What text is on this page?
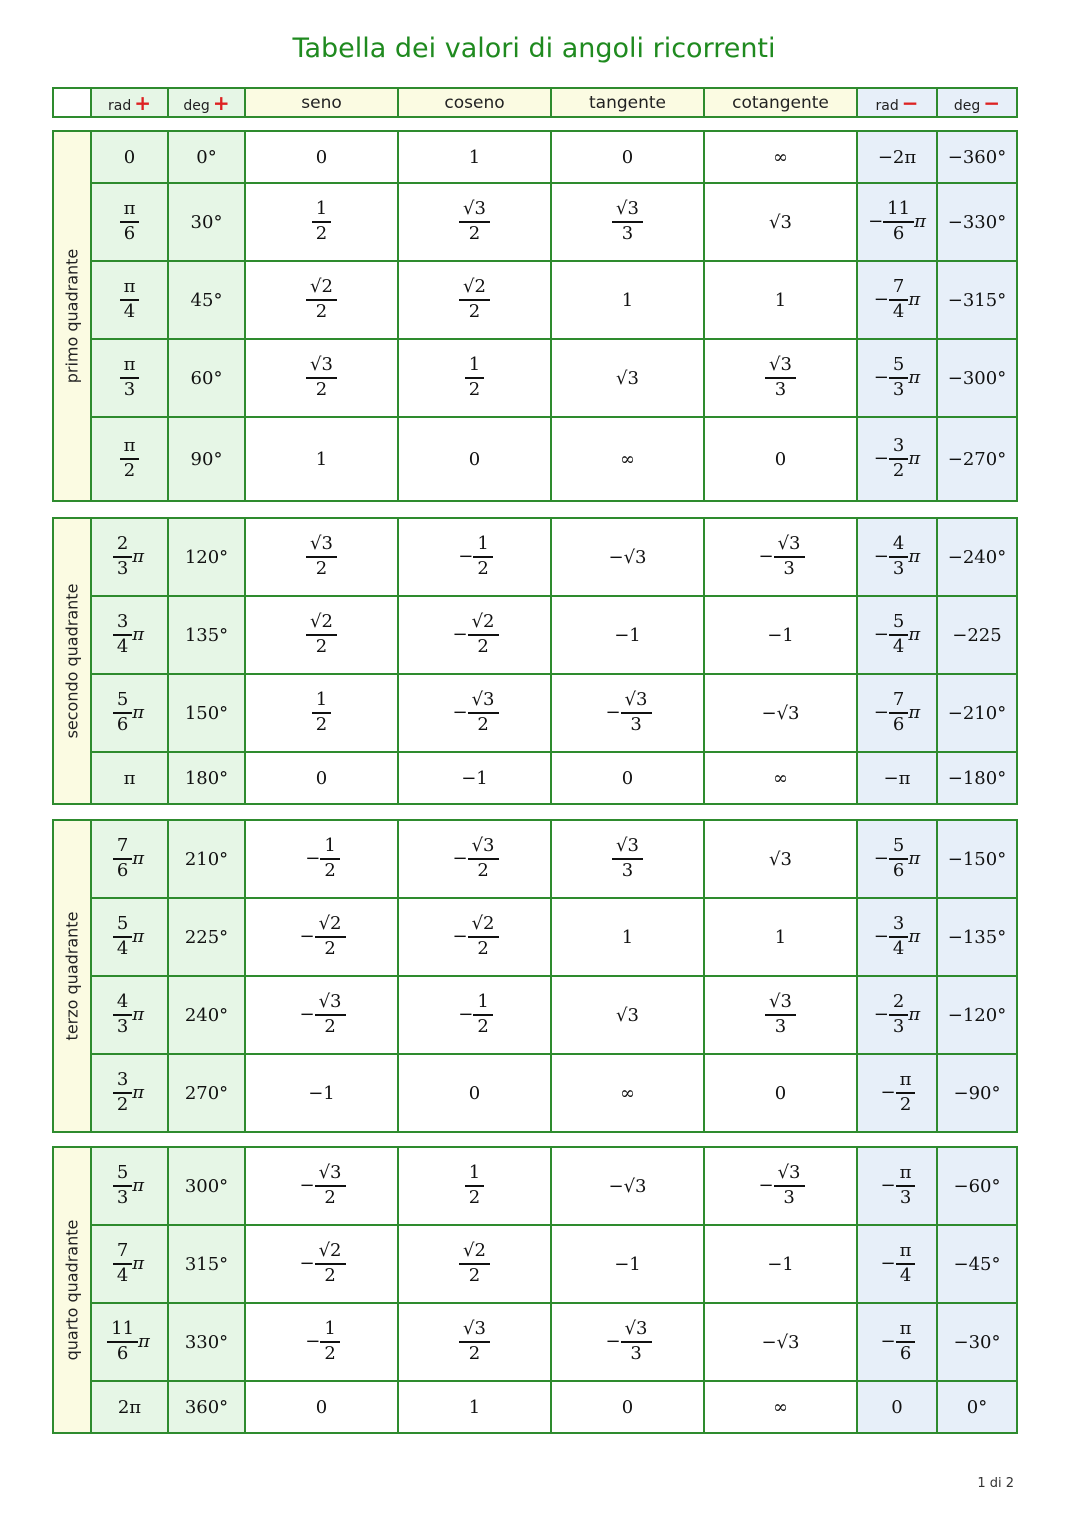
Tabella dei valori di angoli ricorrenti
	rad +	deg +	seno	coseno	tangente	cotangente	rad −	deg −
primo quadrante	0	0°	0	1	0	∞	−2π	−360°

	$\frac{\pi}{6}$	30°	$\frac{1}{2}$	$\frac{√3}{2}$	$\frac{√3}{3}$	√3	− $\frac{11}{6}$ π	−330°

	$\frac{\pi}{4}$	45°	$\frac{√2}{2}$	$\frac{√2}{2}$	1	1	− $\frac{7}{4}$ π	−315°

	$\frac{\pi}{3}$	60°	$\frac{√3}{2}$	$\frac{1}{2}$	√3	$\frac{√3}{3}$	− $\frac{5}{3}$ π	−300°

	$\frac{\pi}{2}$	90°	1	0	∞	0	− $\frac{3}{2}$ π	−270°
secondo quadrante	$\frac{2}{3}$ π	120°	$\frac{√3}{2}$	− $\frac{1}{2}$	−√3	− $\frac{√3}{3}$	− $\frac{4}{3}$ π	−240°

	$\frac{3}{4}$ π	135°	$\frac{√2}{2}$	− $\frac{√2}{2}$	−1	−1	− $\frac{5}{4}$ π	−225

	$\frac{5}{6}$ π	150°	$\frac{1}{2}$	− $\frac{√3}{2}$	− $\frac{√3}{3}$	−√3	− $\frac{7}{6}$ π	−210°
	π	180°	0	−1	0	∞	−π	−180°
terzo quadrante	$\frac{7}{6}$ π	210°	− $\frac{1}{2}$	− $\frac{√3}{2}$	$\frac{√3}{3}$	√3	− $\frac{5}{6}$ π	−150°

	$\frac{5}{4}$ π	225°	− $\frac{√2}{2}$	− $\frac{√2}{2}$	1	1	− $\frac{3}{4}$ π	−135°

	$\frac{4}{3}$ π	240°	− $\frac{√3}{2}$	− $\frac{1}{2}$	√3	$\frac{√3}{3}$	− $\frac{2}{3}$ π	−120°

	$\frac{3}{2}$ π	270°	−1	0	∞	0	− $\frac{\pi}{2}$	−90°
quarto quadrante	$\frac{5}{3}$ π	300°	− $\frac{√3}{2}$	$\frac{1}{2}$	−√3	− $\frac{√3}{3}$	− $\frac{\pi}{3}$	−60°

	$\frac{7}{4}$ π	315°	− $\frac{√2}{2}$	$\frac{√2}{2}$	−1	−1	− $\frac{\pi}{4}$	−45°

	$\frac{11}{6}$ π	330°	− $\frac{1}{2}$	$\frac{√3}{2}$	− $\frac{√3}{3}$	−√3	− $\frac{\pi}{6}$	−30°
	2π	360°	0	1	0	∞	0	0°
1 di 2
